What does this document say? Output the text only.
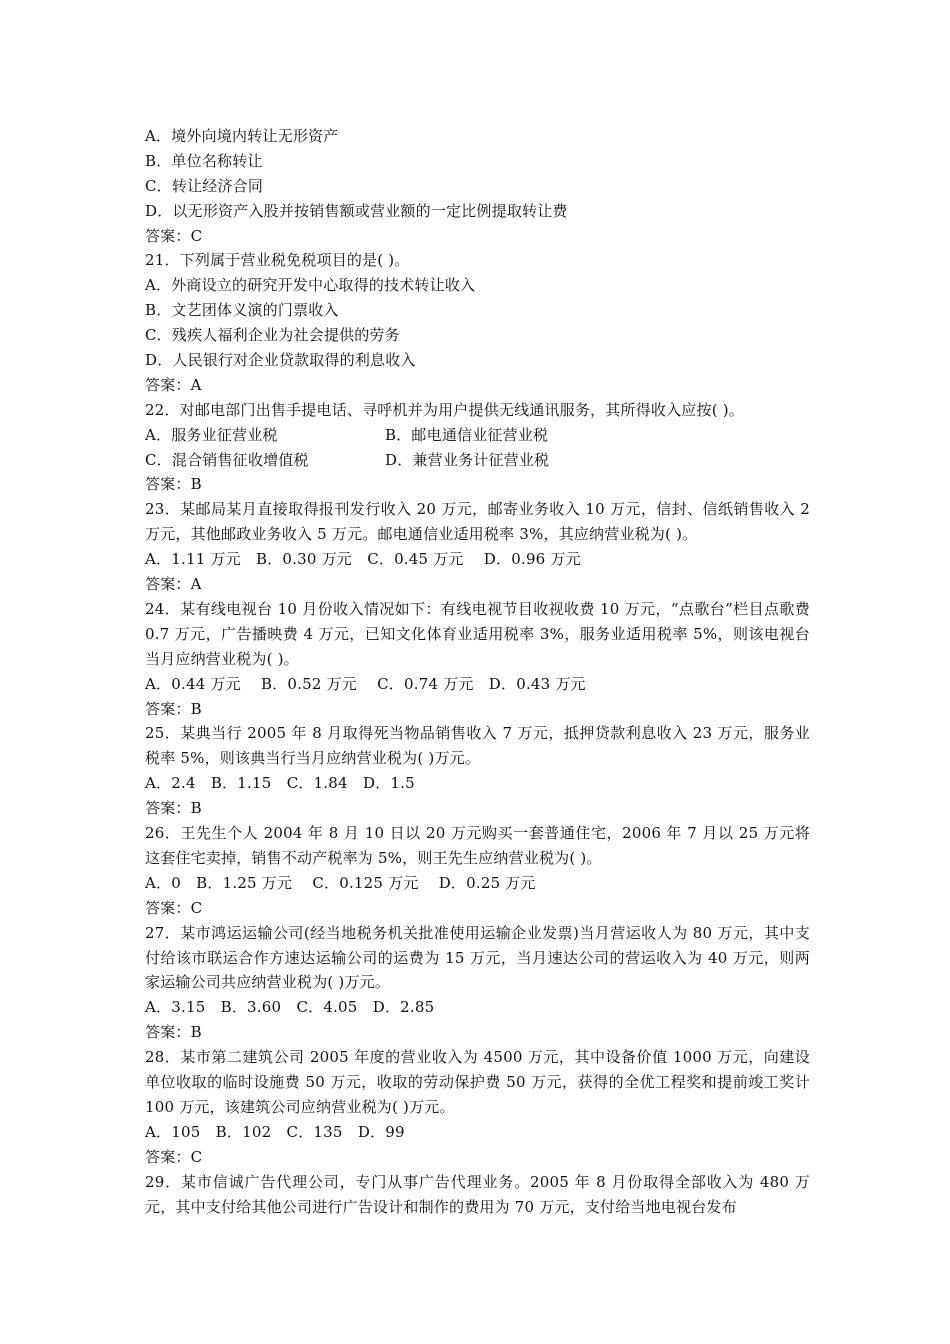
A．境外向境内转让无形资产
B．单位名称转让
C．转让经济合同
D．以无形资产入股并按销售额或营业额的一定比例提取转让费
答案：C
21．下列属于营业税免税项目的是( )。
A．外商设立的研究开发中心取得的技术转让收入
B．文艺团体义演的门票收入
C．残疾人福利企业为社会提供的劳务
D．人民银行对企业贷款取得的利息收入
答案：A
22．对邮电部门出售手提电话、寻呼机并为用户提供无线通讯服务，其所得收入应按( )。
A．服务业征营业税	B．邮电通信业征营业税
C．混合销售征收增值税	D．兼营业务计征营业税
答案：B
23．某邮局某月直接取得报刊发行收入 20 万元，邮寄业务收入 10 万元，信封、信纸销售收入 2 万元，其他邮政业务收入 5 万元。邮电通信业适用税率 3%，其应纳营业税为( )。
A．1.11 万元　B．0.30 万元　C．0.45 万元　 D．0.96 万元
答案：A
24．某有线电视台 10 月份收入情况如下：有线电视节目收视收费 10 万元，“点歌台”栏目点歌费 0.7 万元，广告播映费 4 万元，已知文化体育业适用税率 3%，服务业适用税率 5%，则该电视台当月应纳营业税为( )。
A．0.44 万元　 B．0.52 万元　 C．0.74 万元　D．0.43 万元
答案：B
25．某典当行 2005 年 8 月取得死当物品销售收入 7 万元，抵押贷款利息收入 23 万元，服务业税率 5%，则该典当行当月应纳营业税为( )万元。
A．2.4　B．1.15　C．1.84　D．1.5
答案：B
26．王先生个人 2004 年 8 月 10 日以 20 万元购买一套普通住宅，2006 年 7 月以 25 万元将这套住宅卖掉，销售不动产税率为 5%，则王先生应纳营业税为( )。
A．0　B．1.25 万元　 C．0.125 万元　 D．0.25 万元
答案：C
27．某市鸿运运输公司(经当地税务机关批准使用运输企业发票)当月营运收人为 80 万元，其中支付给该市联运合作方速达运输公司的运费为 15 万元，当月速达公司的营运收入为 40 万元，则两家运输公司共应纳营业税为( )万元。
A．3.15　B．3.60　C．4.05　D．2.85
答案：B
28．某市第二建筑公司 2005 年度的营业收入为 4500 万元，其中设备价值 1000 万元，向建设单位收取的临时设施费 50 万元，收取的劳动保护费 50 万元，获得的全优工程奖和提前竣工奖计 100 万元，该建筑公司应纳营业税为( )万元。
A．105　B．102　C．135　D．99
答案：C
29．某市信诚广告代理公司，专门从事广告代理业务。2005 年 8 月份取得全部收入为 480 万元，其中支付给其他公司进行广告设计和制作的费用为 70 万元，支付给当地电视台发布
